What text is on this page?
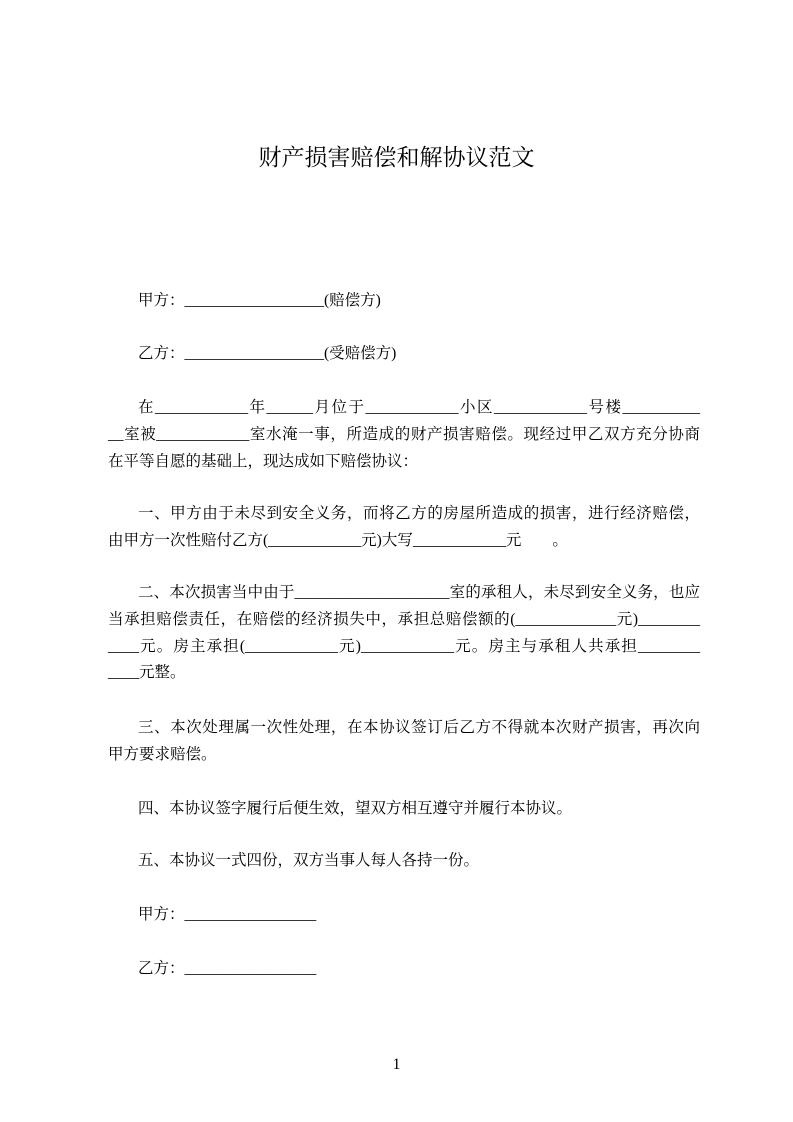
财产损害赔偿和解协议范文
甲方：__________________(赔偿方)
乙方：__________________(受赔偿方)
在____________年______月位于____________小区____________号楼__________
__室被____________室水淹一事，所造成的财产损害赔偿。现经过甲乙双方充分协商
在平等自愿的基础上，现达成如下赔偿协议：
一、甲方由于未尽到安全义务，而将乙方的房屋所造成的损害，进行经济赔偿，
由甲方一次性赔付乙方(____________元)大写____________元　　。
二、本次损害当中由于____________________室的承租人，未尽到安全义务，也应
当承担赔偿责任，在赔偿的经济损失中，承担总赔偿额的(_____________元)________
____元。房主承担(____________元)____________元。房主与承租人共承担________
____元整。
三、本次处理属一次性处理，在本协议签订后乙方不得就本次财产损害，再次向
甲方要求赔偿。
四、本协议签字履行后便生效，望双方相互遵守并履行本协议。
五、本协议一式四份，双方当事人每人各持一份。
甲方：_________________
乙方：_________________
1
